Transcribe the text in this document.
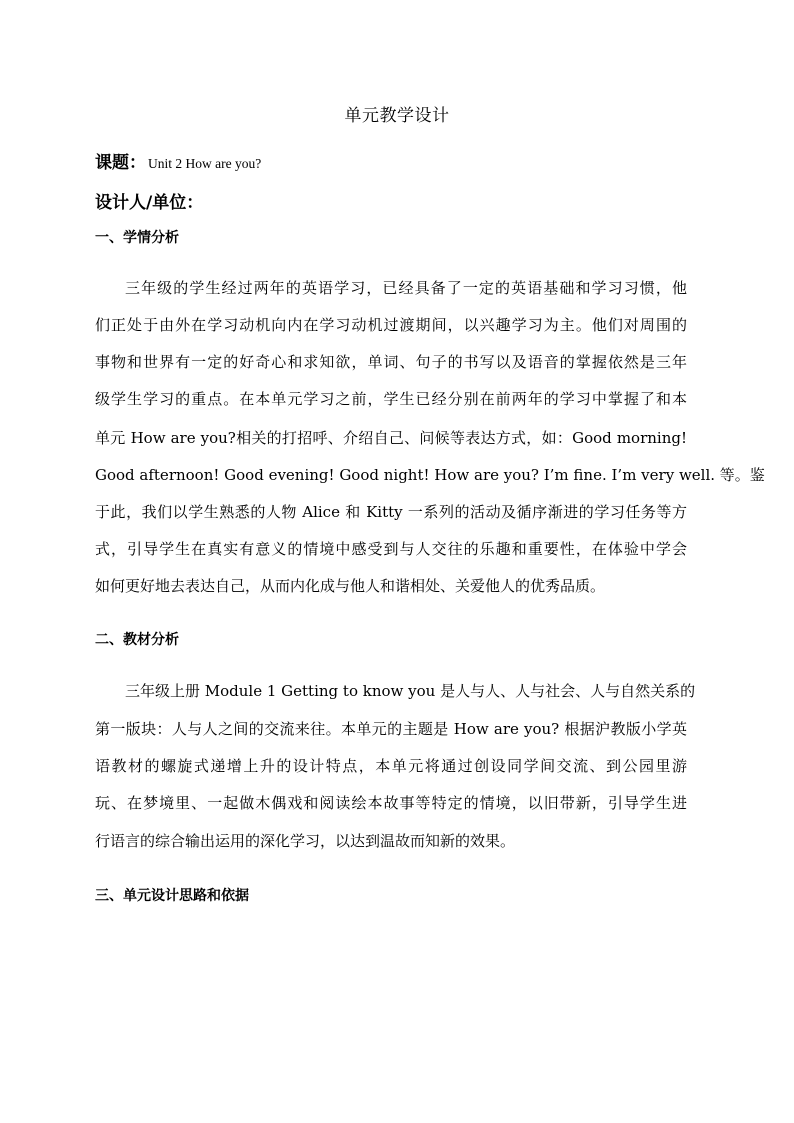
单元教学设计
课题： Unit 2 How are you?
设计人/单位：
一、学情分析
三年级的学生经过两年的英语学习，已经具备了一定的英语基础和学习习惯，他
们正处于由外在学习动机向内在学习动机过渡期间，以兴趣学习为主。他们对周围的
事物和世界有一定的好奇心和求知欲，单词、句子的书写以及语音的掌握依然是三年
级学生学习的重点。在本单元学习之前，学生已经分别在前两年的学习中掌握了和本
单元 How are you?相关的打招呼、介绍自己、问候等表达方式，如：Good morning!
Good afternoon! Good evening! Good night! How are you? I’m fine. I’m very well. 等。鉴
于此，我们以学生熟悉的人物 Alice 和 Kitty 一系列的活动及循序渐进的学习任务等方
式，引导学生在真实有意义的情境中感受到与人交往的乐趣和重要性，在体验中学会
如何更好地去表达自己，从而内化成与他人和谐相处、关爱他人的优秀品质。
二、教材分析
三年级上册 Module 1 Getting to know you 是人与人、人与社会、人与自然关系的
第一版块：人与人之间的交流来往。本单元的主题是 How are you? 根据沪教版小学英
语教材的螺旋式递增上升的设计特点，本单元将通过创设同学间交流、到公园里游
玩、在梦境里、一起做木偶戏和阅读绘本故事等特定的情境，以旧带新，引导学生进
行语言的综合输出运用的深化学习，以达到温故而知新的效果。
三、单元设计思路和依据
